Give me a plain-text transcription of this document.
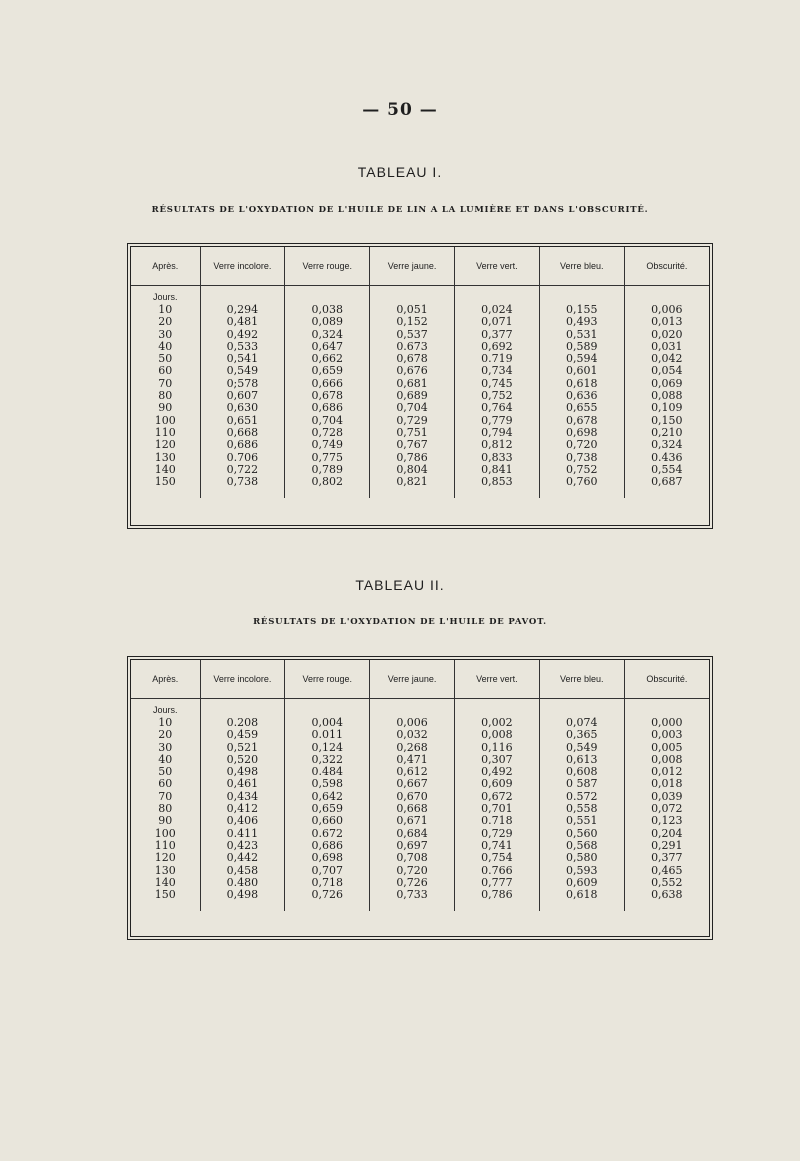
— 50 —
TABLEAU I.
RÉSULTATS DE L'OXYDATION DE L'HUILE DE LIN A LA LUMIÈRE ET DANS L'OBSCURITÉ.
Après.	Verre incolore.	Verre rouge.	Verre jaune.	Verre vert.	Verre bleu.	Obscurité.
Jours.						
10	0,294	0,038	0,051	0,024	0,155	0,006
20	0,481	0,089	0,152	0,071	0,493	0,013
30	0,492	0,324	0,537	0,377	0,531	0,020
40	0,533	0,647	0.673	0,692	0,589	0,031
50	0,541	0,662	0,678	0.719	0,594	0,042
60	0,549	0,659	0,676	0,734	0,601	0,054
70	0;578	0,666	0,681	0,745	0,618	0,069
80	0,607	0,678	0,689	0,752	0,636	0,088
90	0,630	0,686	0,704	0,764	0,655	0,109
100	0,651	0,704	0,729	0,779	0,678	0,150
110	0,668	0,728	0,751	0,794	0,698	0,210
120	0,686	0,749	0,767	0,812	0,720	0,324
130	0.706	0,775	0,786	0,833	0,738	0.436
140	0,722	0,789	0,804	0,841	0,752	0,554
150	0,738	0,802	0,821	0,853	0,760	0,687
TABLEAU II.
RÉSULTATS DE L'OXYDATION DE L'HUILE DE PAVOT.
Après.	Verre incolore.	Verre rouge.	Verre jaune.	Verre vert.	Verre bleu.	Obscurité.
Jours.						
10	0.208	0,004	0,006	0,002	0,074	0,000
20	0,459	0.011	0,032	0,008	0,365	0,003
30	0,521	0,124	0,268	0,116	0,549	0,005
40	0,520	0,322	0,471	0,307	0,613	0,008
50	0,498	0.484	0,612	0,492	0,608	0,012
60	0,461	0,598	0,667	0,609	0 587	0,018
70	0,434	0,642	0,670	0,672	0.572	0,039
80	0,412	0,659	0,668	0,701	0,558	0,072
90	0,406	0,660	0,671	0.718	0,551	0,123
100	0.411	0.672	0,684	0,729	0,560	0,204
110	0,423	0,686	0,697	0,741	0,568	0,291
120	0,442	0,698	0,708	0,754	0,580	0,377
130	0,458	0,707	0,720	0.766	0,593	0,465
140	0.480	0,718	0,726	0,777	0,609	0,552
150	0,498	0,726	0,733	0,786	0,618	0,638
